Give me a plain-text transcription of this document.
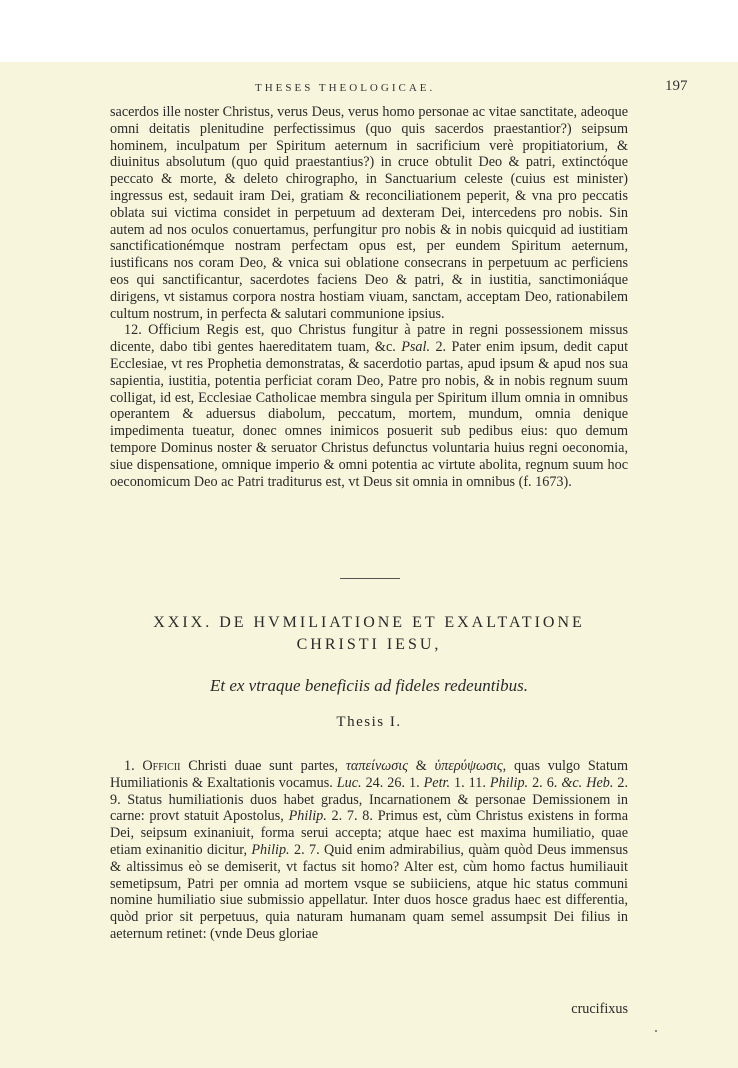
THESES THEOLOGICAE.	197

sacerdos ille noster Christus, verus Deus, verus homo personae ac vitae sanctitate, adeoque omni deitatis plenitudine perfectissimus (quo quis sacerdos praestantior?) seipsum hominem, inculpatum per Spiritum aeternum in sacrificium verè propitiatorium, & diuinitus absolutum (quo quid praestantius?) in cruce obtulit Deo & patri, extinctóque peccato & morte, & deleto chirographo, in Sanctuarium celeste (cuius est minister) ingressus est, sedauit iram Dei, gratiam & reconciliationem peperit, & vna pro peccatis oblata sui victima considet in perpetuum ad dexteram Dei, intercedens pro nobis. Sin autem ad nos oculos conuertamus, perfungitur pro nobis & in nobis quicquid ad iustitiam sanctificationémque nostram perfectam opus est, per eundem Spiritum aeternum, iustificans nos coram Deo, & vnica sui oblatione consecrans in perpetuum ac perficiens eos qui sanctificantur, sacerdotes faciens Deo & patri, & in iustitia, sanctimoniáque dirigens, vt sistamus corpora nostra hostiam viuam, sanctam, acceptam Deo, rationabilem cultum nostrum, in perfecta & salutari communione ipsius.

12. Officium Regis est, quo Christus fungitur à patre in regni possessionem missus dicente, dabo tibi gentes haereditatem tuam, &c. Psal. 2. Pater enim ipsum, dedit caput Ecclesiae, vt res Prophetia demonstratas, & sacerdotio partas, apud ipsum & apud nos sua sapientia, iustitia, potentia perficiat coram Deo, Patre pro nobis, & in nobis regnum suum colligat, id est, Ecclesiae Catholicae membra singula per Spiritum illum omnia in omnibus operantem & aduersus diabolum, peccatum, mortem, mundum, omnia denique impedimenta tueatur, donec omnes inimicos posuerit sub pedibus eius: quo demum tempore Dominus noster & seruator Christus defunctus voluntaria huius regni oeconomia, siue dispensatione, omnique imperio & omni potentia ac virtute abolita, regnum suum hoc oeconomicum Deo ac Patri traditurus est, vt Deus sit omnia in omnibus (f. 1673).

XXIX. DE HVMILIATIONE ET EXALTATIONE
CHRISTI IESU,
Et ex vtraque beneficiis ad fideles redeuntibus.
Thesis I.

1. Officii Christi duae sunt partes, ταπείνωσις & ὑπερύψωσις, quas vulgo Statum Humiliationis & Exaltationis vocamus. Luc. 24. 26. 1. Petr. 1. 11. Philip. 2. 6. &c. Heb. 2. 9. Status humiliationis duos habet gradus, Incarnationem & personae Demissionem in carne: provt statuit Apostolus, Philip. 2. 7. 8. Primus est, cùm Christus existens in forma Dei, seipsum exinaniuit, forma serui accepta; atque haec est maxima humiliatio, quae etiam exinanitio dicitur, Philip. 2. 7. Quid enim admirabilius, quàm quòd Deus immensus & altissimus eò se demiserit, vt factus sit homo? Alter est, cùm homo factus humiliauit semetipsum, Patri per omnia ad mortem vsque se subiiciens, atque hic status communi nomine humiliatio siue submissio appellatur. Inter duos hosce gradus haec est differentia, quòd prior sit perpetuus, quia naturam humanam quam semel assumpsit Dei filius in aeternum retinet: (vnde Deus gloriae

crucifixus
